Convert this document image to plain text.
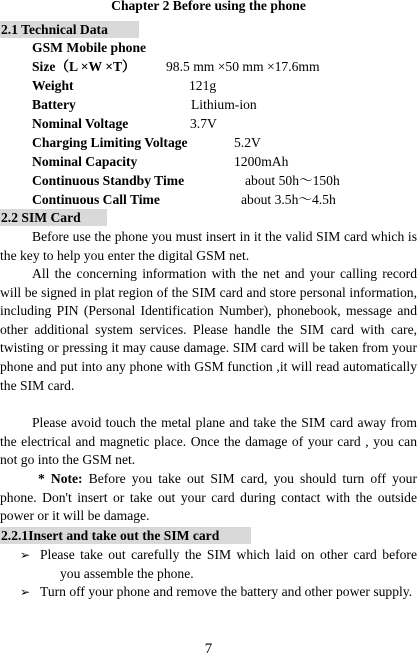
Chapter 2 Before using the phone
2.1 Technical Data
GSM Mobile phone
Size（L ×W ×T） 98.5 mm ×50 mm ×17.6mm
Weight	121g
Battery	Lithium-ion
Nominal Voltage	3.7V
Charging Limiting Voltage	5.2V
Nominal Capacity	1200mAh
Continuous Standby Time	about 50h～150h
Continuous Call Time	about 3.5h～4.5h
2.2 SIM Card
Before use the phone you must insert in it the valid SIM card which is the key to help you enter the digital GSM net.
All the concerning information with the net and your calling record will be signed in plat region of the SIM card and store personal information, including PIN (Personal Identification Number), phonebook, message and other additional system services. Please handle the SIM card with care, twisting or pressing it may cause damage. SIM card will be taken from your phone and put into any phone with GSM function ,it will read automatically the SIM card.
Please avoid touch the metal plane and take the SIM card away from the electrical and magnetic place. Once the damage of your card , you can not go into the GSM net.
* Note: Before you take out SIM card, you should turn off your phone. Don't insert or take out your card during contact with the outside power or it will be damage.
2.2.1Insert and take out the SIM card
➢ Please take out carefully the SIM which laid on other card before you assemble the phone.
➢ Turn off your phone and remove the battery and other power supply.
7
